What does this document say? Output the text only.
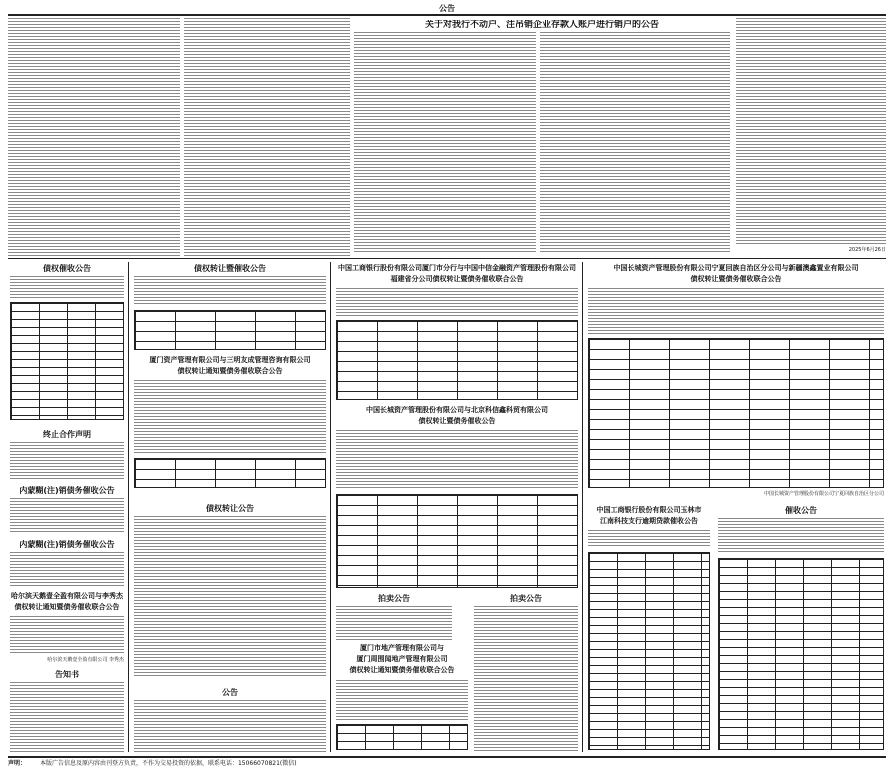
公告
关于对我行不动户、注吊销企业存款人账户进行销户的公告
2025年6月26日
债权催收公告
终止合作声明
内蒙糊(注)销债务催收公告
内蒙糊(注)销债务催收公告
哈尔滨天鹅壹全盈有限公司与李秀杰
债权转让通知暨债务催收联合公告
哈尔滨天鹅壹全盈有限公司 李秀杰
告知书
债权转让暨催收公告
厦门资产管理有限公司与三明友成管理咨询有限公司
债权转让通知暨债务催收联合公告
债权转让公告
公告
中国工商银行股份有限公司厦门市分行与中国中信金融资产管理股份有限公司
福建省分公司债权转让暨债务催收联合公告
中国长城资产管理股份有限公司与北京科信鑫科贸有限公司
债权转让暨债务催收公告
拍卖公告
厦门市地产管理有限公司与
厦门周围闻地产管理有限公司
债权转让通知暨债务催收联合公告
拍卖公告
中国长城资产管理股份有限公司宁夏回族自治区分公司与新疆澳鑫置业有限公司
债权转让暨债务催收联合公告
中国长城资产管理股份有限公司宁夏回族自治区分公司
中国工商银行股份有限公司玉林市
江南科技支行逾期贷款催收公告
催收公告
声明： 本版广告信息及原内容由刊登方负责，不作为交易投资的依据，联系电话：15066070821(微信)
